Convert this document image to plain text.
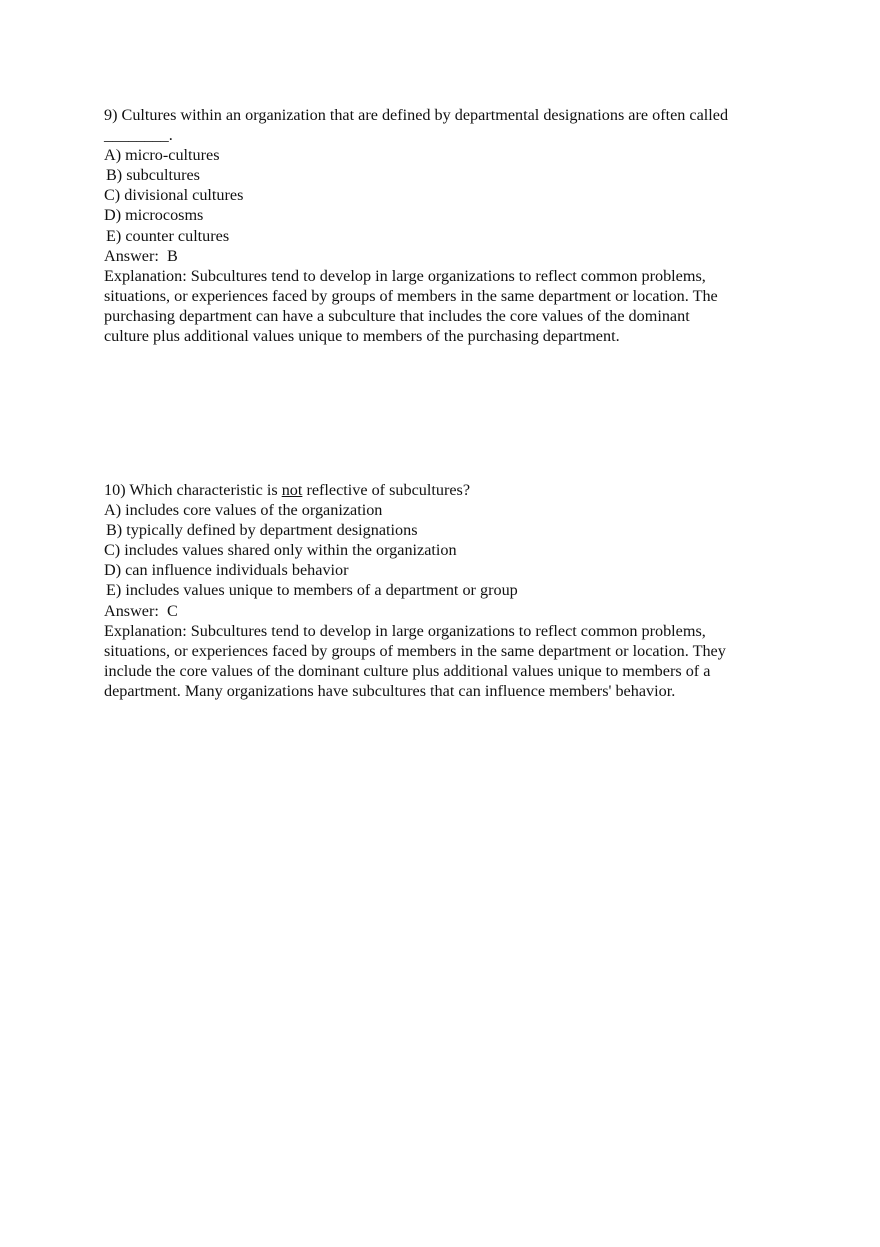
9) Cultures within an organization that are defined by departmental designations are often called
________.
A) micro-cultures
B) subcultures
C) divisional cultures
D) microcosms
E) counter cultures
Answer: B
Explanation: Subcultures tend to develop in large organizations to reflect common problems,
situations, or experiences faced by groups of members in the same department or location. The
purchasing department can have a subculture that includes the core values of the dominant
culture plus additional values unique to members of the purchasing department.
10) Which characteristic is not reflective of subcultures?
A) includes core values of the organization
B) typically defined by department designations
C) includes values shared only within the organization
D) can influence individuals behavior
E) includes values unique to members of a department or group
Answer: C
Explanation: Subcultures tend to develop in large organizations to reflect common problems,
situations, or experiences faced by groups of members in the same department or location. They
include the core values of the dominant culture plus additional values unique to members of a
department. Many organizations have subcultures that can influence members' behavior.
